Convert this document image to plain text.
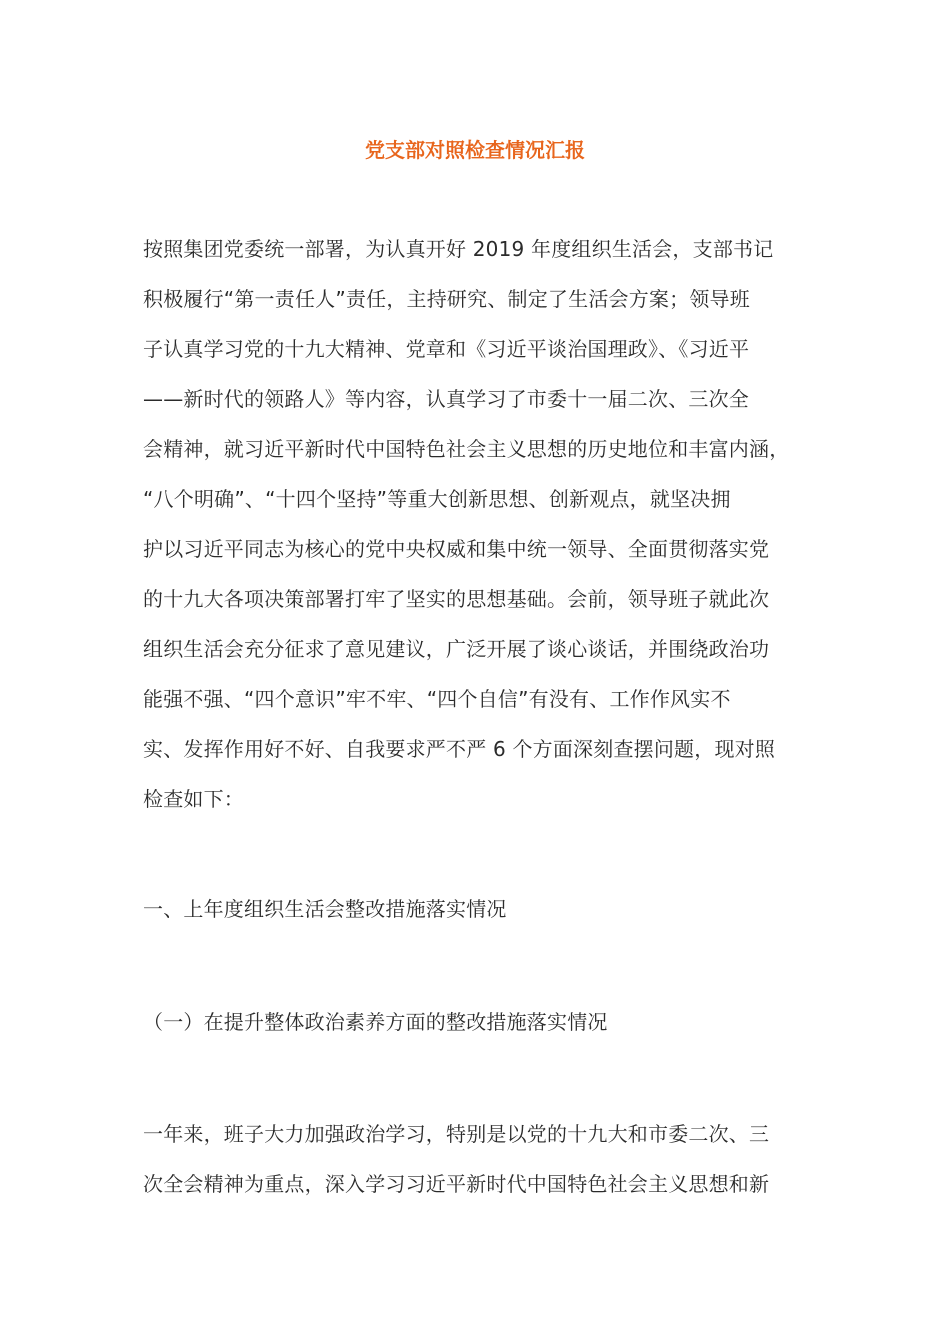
党支部对照检查情况汇报
按照集团党委统一部署，为认真开好 2019 年度组织生活会，支部书记
积极履行“第一责任人”责任，主持研究、制定了生活会方案；领导班
子认真学习党的十九大精神、党章和《习近平谈治国理政》、《习近平
——新时代的领路人》等内容，认真学习了市委十一届二次、三次全
会精神，就习近平新时代中国特色社会主义思想的历史地位和丰富内涵，
“八个明确”、“十四个坚持”等重大创新思想、创新观点，就坚决拥
护以习近平同志为核心的党中央权威和集中统一领导、全面贯彻落实党
的十九大各项决策部署打牢了坚实的思想基础。会前，领导班子就此次
组织生活会充分征求了意见建议，广泛开展了谈心谈话，并围绕政治功
能强不强、“四个意识”牢不牢、“四个自信”有没有、工作作风实不
实、发挥作用好不好、自我要求严不严 6 个方面深刻查摆问题，现对照
检查如下：
一、上年度组织生活会整改措施落实情况
（一）在提升整体政治素养方面的整改措施落实情况
一年来，班子大力加强政治学习，特别是以党的十九大和市委二次、三
次全会精神为重点，深入学习习近平新时代中国特色社会主义思想和新
